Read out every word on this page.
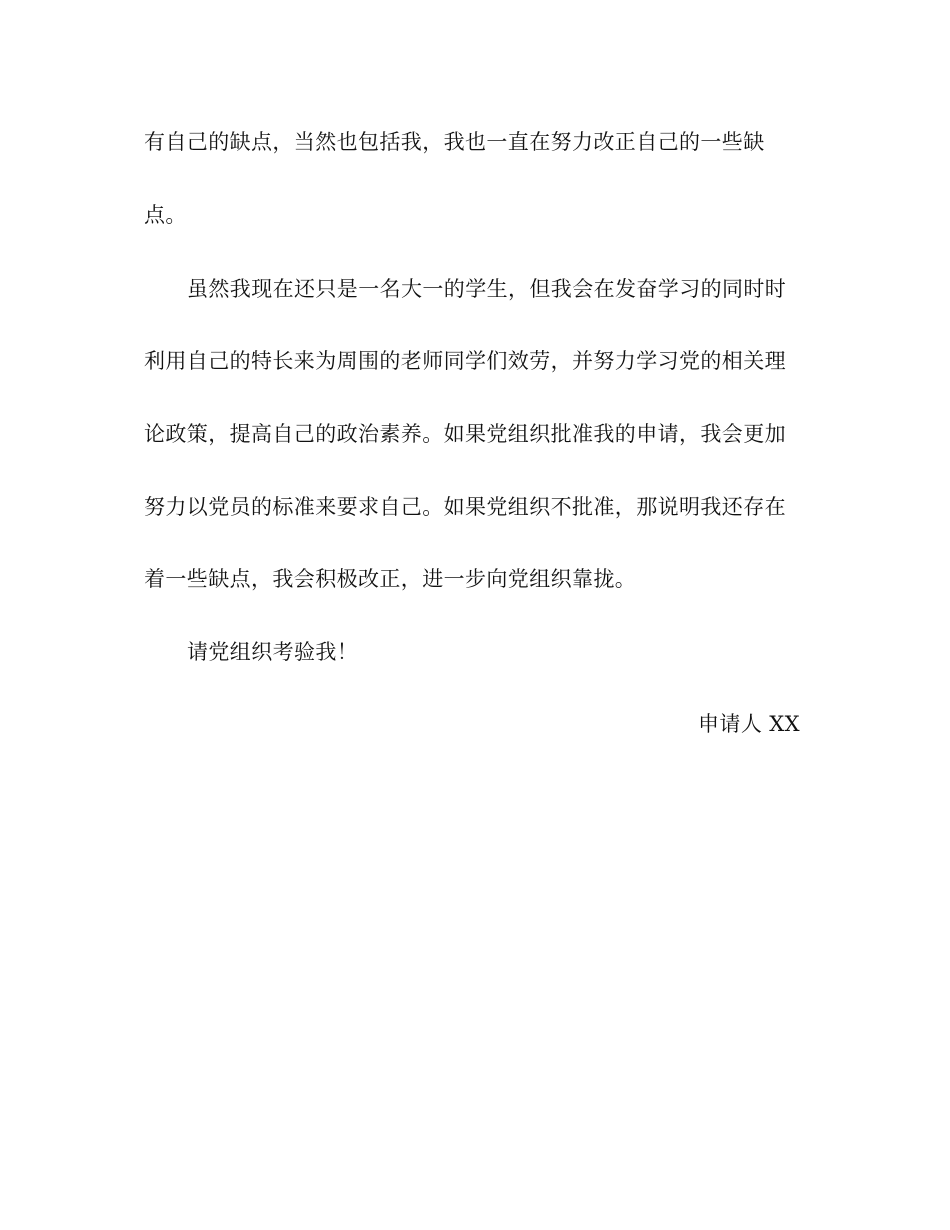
有自己的缺点，当然也包括我，我也一直在努力改正自己的一些缺
点。
虽然我现在还只是一名大一的学生，但我会在发奋学习的同时时
利用自己的特长来为周围的老师同学们效劳，并努力学习党的相关理
论政策，提高自己的政治素养。如果党组织批准我的申请，我会更加
努力以党员的标准来要求自己。如果党组织不批准，那说明我还存在
着一些缺点，我会积极改正，进一步向党组织靠拢。
请党组织考验我！
申请人 XX
